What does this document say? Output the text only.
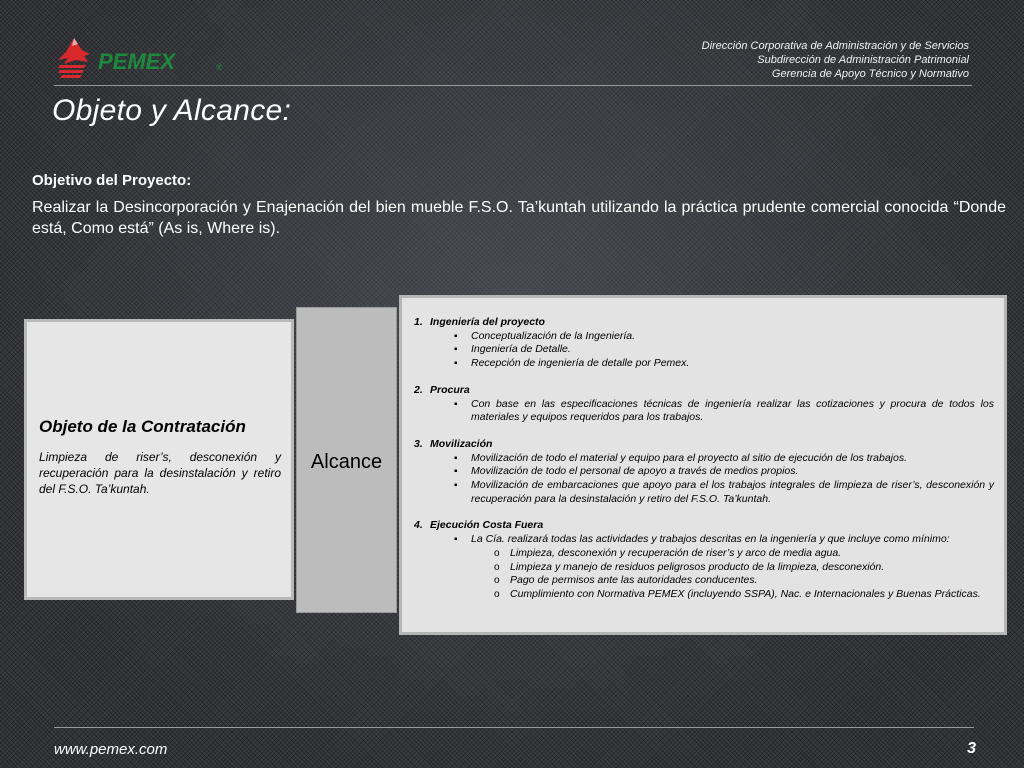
PEMEX	®
Dirección Corporativa de Administración y de Servicios
Subdirección de Administración Patrimonial
Gerencia de Apoyo Técnico y Normativo
Objeto y Alcance:
Objetivo del Proyecto:
Realizar la Desincorporación y Enajenación del bien mueble F.S.O. Ta’kuntah utilizando la práctica prudente comercial conocida “Donde está, Como está” (As is, Where is).
Objeto de la Contratación

Limpieza de riser’s, desconexión y recuperación para la desinstalación y retiro del F.S.O. Ta’kuntah.

Alcance
1. Ingeniería del proyecto
▪ Conceptualización de la Ingeniería.
▪ Ingeniería de Detalle.
▪ Recepción de ingeniería de detalle por Pemex.
2. Procura
▪ Con base en las especificaciones técnicas de ingeniería realizar las cotizaciones y procura de todos los materiales y equipos requeridos para los trabajos.
3. Movilización
▪ Movilización de todo el material y equipo para el proyecto al sitio de ejecución de los trabajos.
▪ Movilización de todo el personal de apoyo a través de medios propios.
▪ Movilización de embarcaciones que apoyo para el los trabajos integrales de limpieza de riser’s, desconexión y recuperación para la desinstalación y retiro del F.S.O. Ta’kuntah.
4. Ejecución Costa Fuera
▪ La Cía. realizará todas las actividades y trabajos descritas en la ingeniería y que incluye como mínimo:
o Limpieza, desconexión y recuperación de riser’s y arco de media agua.
o Limpieza y manejo de residuos peligrosos producto de la limpieza, desconexión.
o Pago de permisos ante las autoridades conducentes.
o Cumplimiento con Normativa PEMEX (incluyendo SSPA), Nac. e Internacionales y Buenas Prácticas.
www.pemex.com	3
